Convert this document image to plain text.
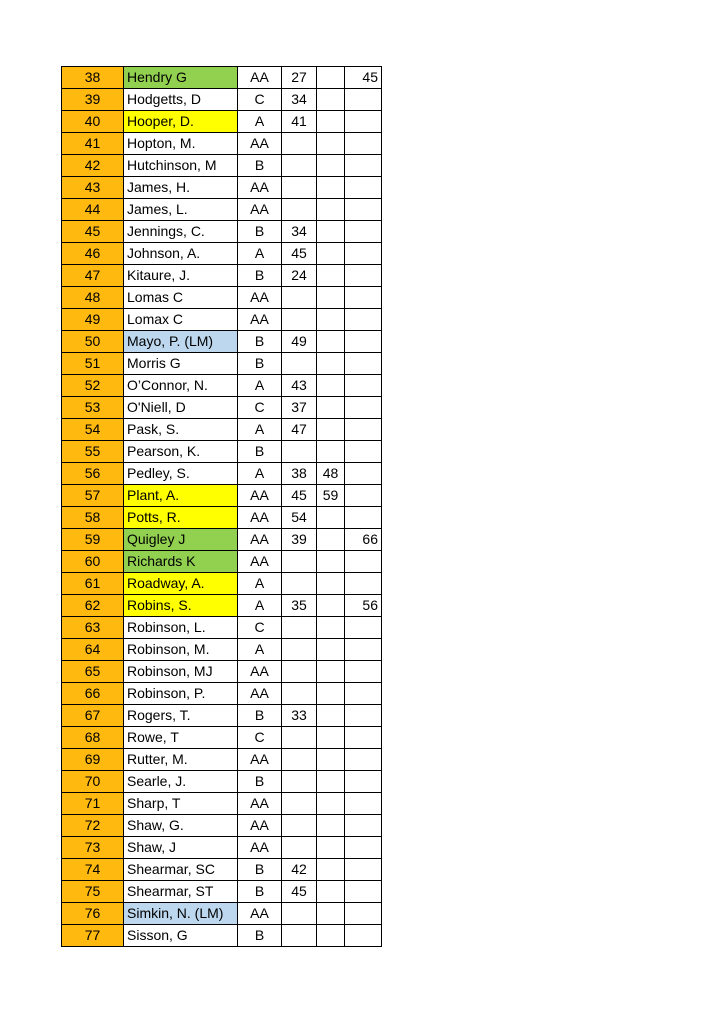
38	Hendry G	AA	27		45
39	Hodgetts, D	C	34		
40	Hooper, D.	A	41		
41	Hopton, M.	AA			
42	Hutchinson, M	B			
43	James, H.	AA			
44	James, L.	AA			
45	Jennings, C.	B	34		
46	Johnson, A.	A	45		
47	Kitaure, J.	B	24		
48	Lomas C	AA			
49	Lomax C	AA			
50	Mayo, P. (LM)	B	49		
51	Morris G	B			
52	O’Connor, N.	A	43		
53	O'Niell, D	C	37		
54	Pask, S.	A	47		
55	Pearson, K.	B			
56	Pedley, S.	A	38	48	
57	Plant, A.	AA	45	59	
58	Potts, R.	AA	54		
59	Quigley J	AA	39		66
60	Richards K	AA			
61	Roadway, A.	A			
62	Robins, S.	A	35		56
63	Robinson, L.	C			
64	Robinson, M.	A			
65	Robinson, MJ	AA			
66	Robinson, P.	AA			
67	Rogers, T.	B	33		
68	Rowe, T	C			
69	Rutter, M.	AA			
70	Searle, J.	B			
71	Sharp, T	AA			
72	Shaw, G.	AA			
73	Shaw, J	AA			
74	Shearmar, SC	B	42		
75	Shearmar, ST	B	45		
76	Simkin, N. (LM)	AA			
77	Sisson, G	B			
